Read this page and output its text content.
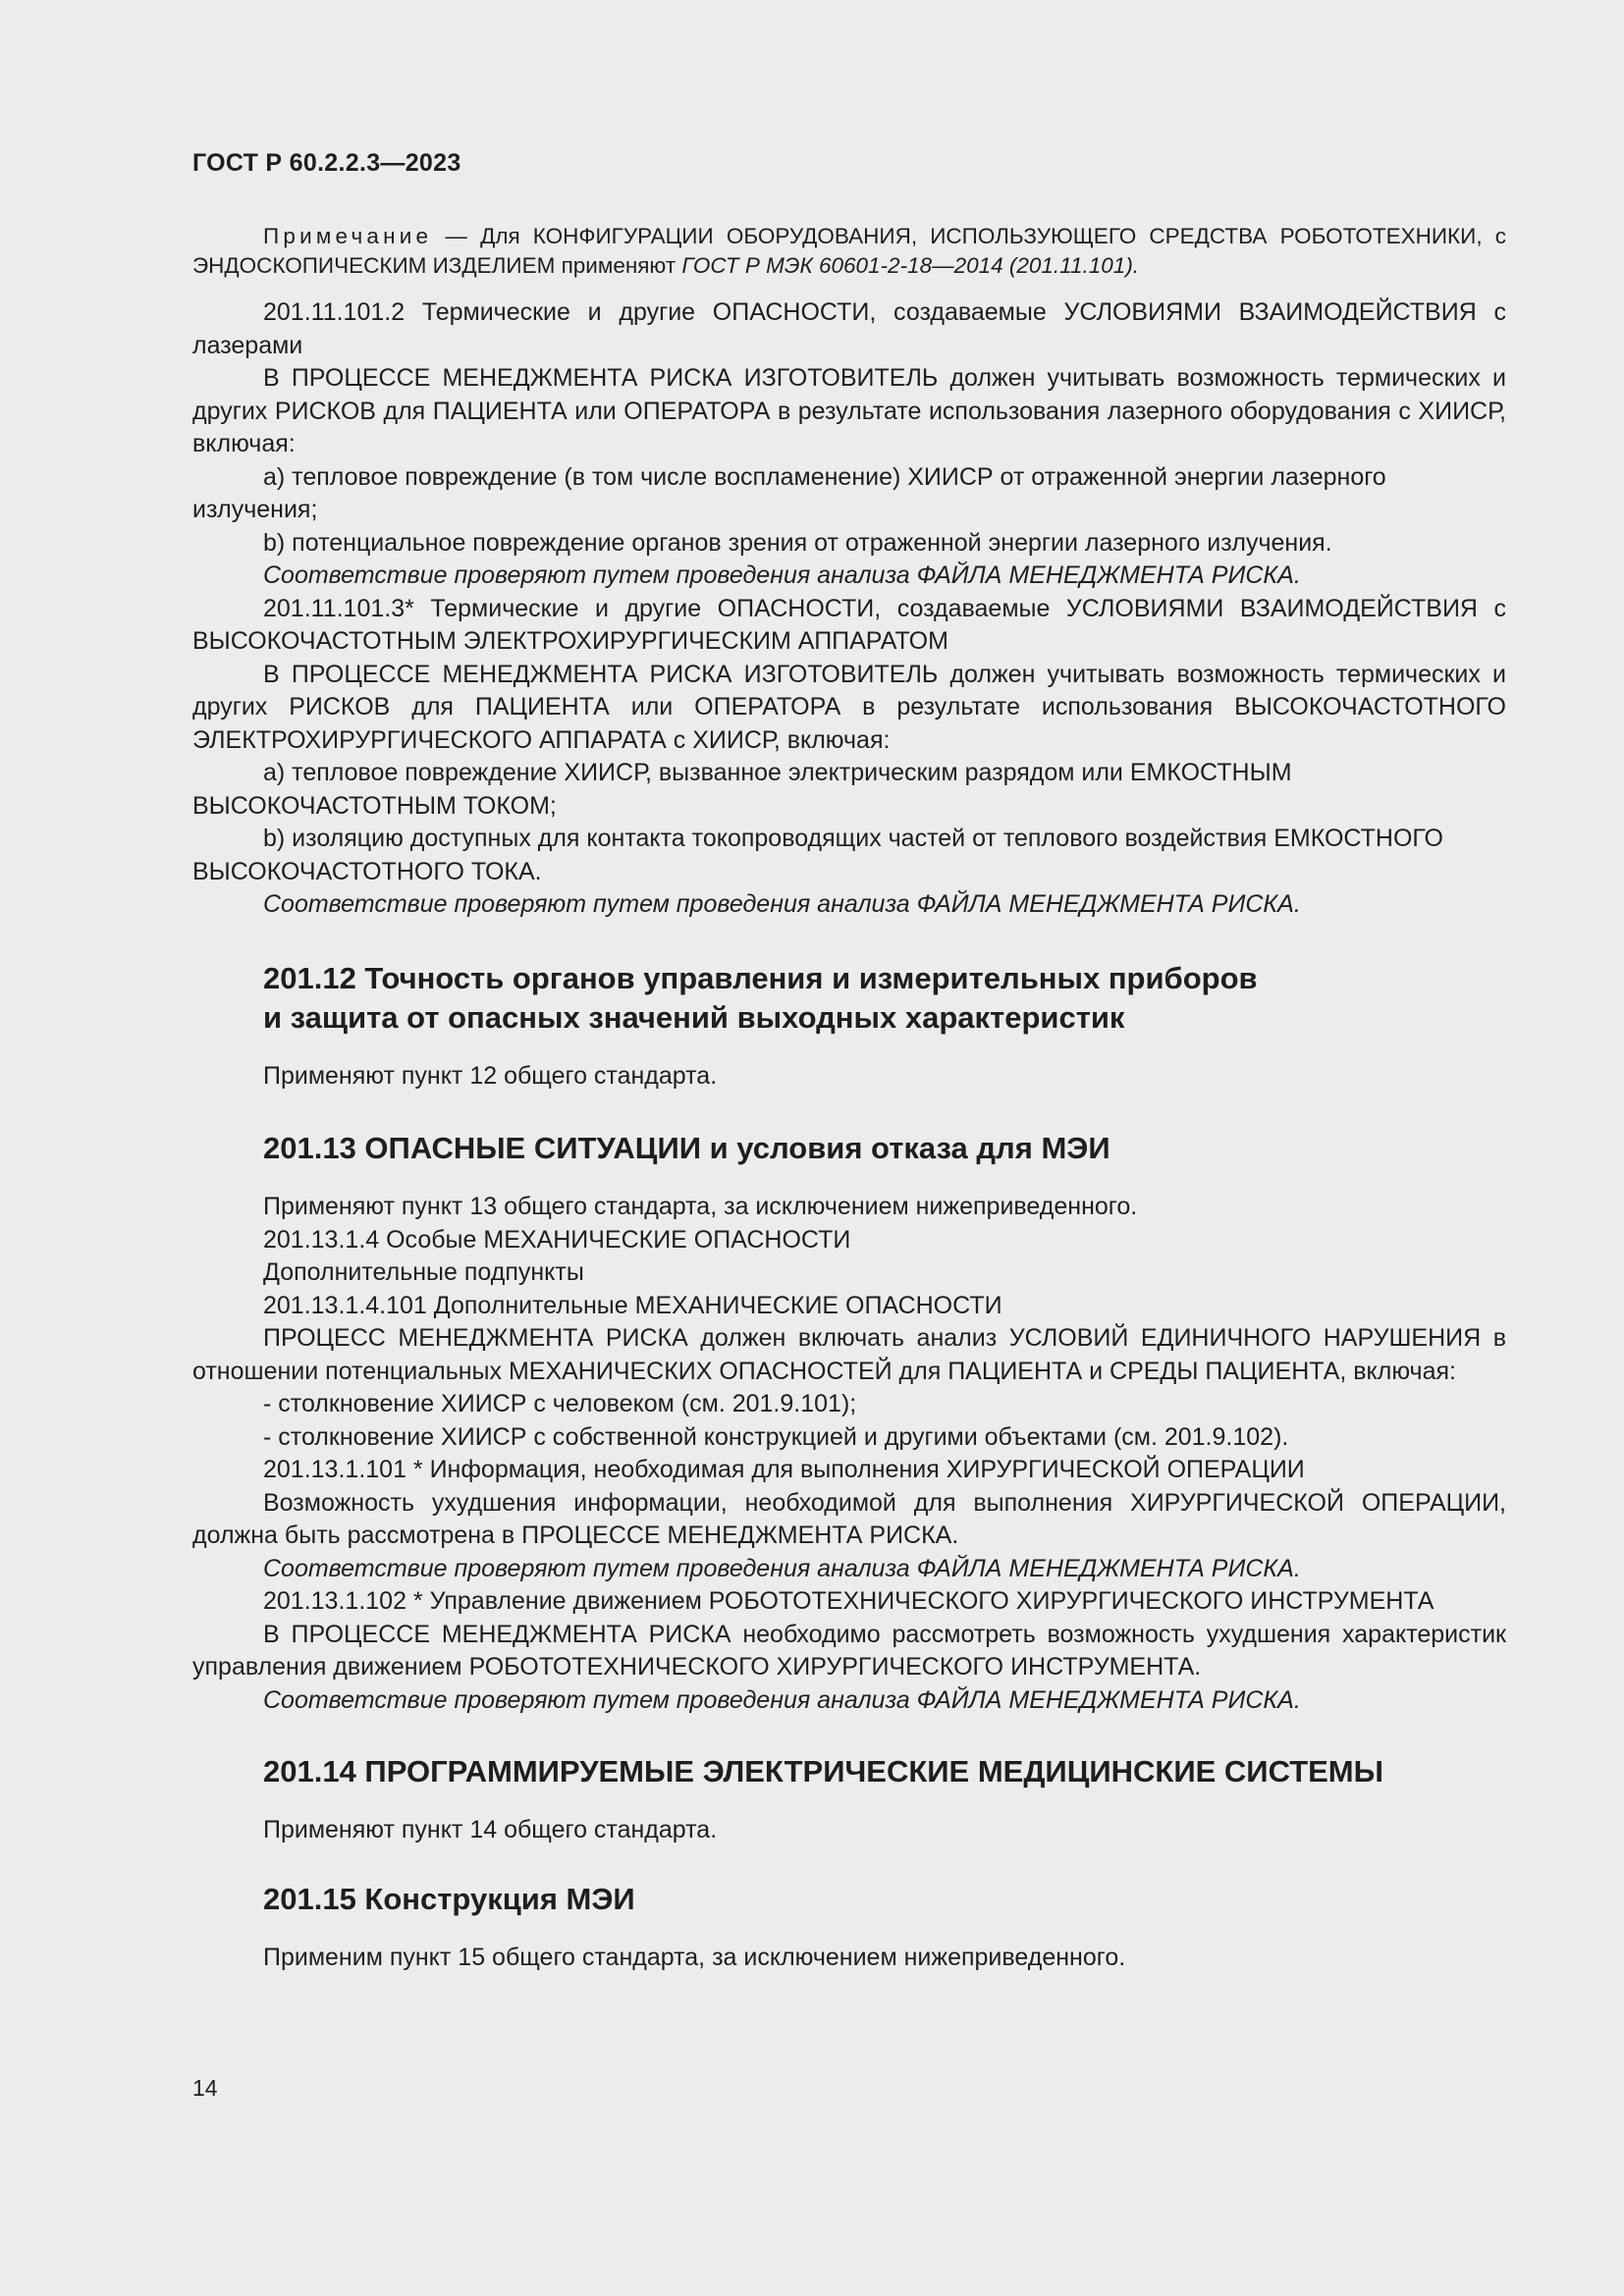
ГОСТ Р 60.2.2.3—2023

Примечание — Для КОНФИГУРАЦИИ ОБОРУДОВАНИЯ, ИСПОЛЬЗУЮЩЕГО СРЕДСТВА РОБОТОТЕХНИКИ, с ЭНДОСКОПИЧЕСКИМ ИЗДЕЛИЕМ применяют ГОСТ Р МЭК 60601-2-18—2014 (201.11.101).

201.11.101.2 Термические и другие ОПАСНОСТИ, создаваемые УСЛОВИЯМИ ВЗАИМОДЕЙСТВИЯ с лазерами

В ПРОЦЕССЕ МЕНЕДЖМЕНТА РИСКА ИЗГОТОВИТЕЛЬ должен учитывать возможность термических и других РИСКОВ для ПАЦИЕНТА или ОПЕРАТОРА в результате использования лазерного оборудования с ХИИСР, включая:

a) тепловое повреждение (в том числе воспламенение) ХИИСР от отраженной энергии лазерного излучения;

b) потенциальное повреждение органов зрения от отраженной энергии лазерного излучения.

Соответствие проверяют путем проведения анализа ФАЙЛА МЕНЕДЖМЕНТА РИСКА.

201.11.101.3* Термические и другие ОПАСНОСТИ, создаваемые УСЛОВИЯМИ ВЗАИМОДЕЙСТВИЯ с ВЫСОКОЧАСТОТНЫМ ЭЛЕКТРОХИРУРГИЧЕСКИМ АППАРАТОМ

В ПРОЦЕССЕ МЕНЕДЖМЕНТА РИСКА ИЗГОТОВИТЕЛЬ должен учитывать возможность термических и других РИСКОВ для ПАЦИЕНТА или ОПЕРАТОРА в результате использования ВЫСОКОЧАСТОТНОГО ЭЛЕКТРОХИРУРГИЧЕСКОГО АППАРАТА с ХИИСР, включая:

a) тепловое повреждение ХИИСР, вызванное электрическим разрядом или ЕМКОСТНЫМ ВЫСОКОЧАСТОТНЫМ ТОКОМ;

b) изоляцию доступных для контакта токопроводящих частей от теплового воздействия ЕМКОСТНОГО ВЫСОКОЧАСТОТНОГО ТОКА.

Соответствие проверяют путем проведения анализа ФАЙЛА МЕНЕДЖМЕНТА РИСКА.

201.12 Точность органов управления и измерительных приборов
и защита от опасных значений выходных характеристик

Применяют пункт 12 общего стандарта.

201.13 ОПАСНЫЕ СИТУАЦИИ и условия отказа для МЭИ

Применяют пункт 13 общего стандарта, за исключением нижеприведенного.

201.13.1.4 Особые МЕХАНИЧЕСКИЕ ОПАСНОСТИ

Дополнительные подпункты

201.13.1.4.101 Дополнительные МЕХАНИЧЕСКИЕ ОПАСНОСТИ

ПРОЦЕСС МЕНЕДЖМЕНТА РИСКА должен включать анализ УСЛОВИЙ ЕДИНИЧНОГО НАРУШЕНИЯ в отношении потенциальных МЕХАНИЧЕСКИХ ОПАСНОСТЕЙ для ПАЦИЕНТА и СРЕДЫ ПАЦИЕНТА, включая:

- столкновение ХИИСР с человеком (см. 201.9.101);

- столкновение ХИИСР с собственной конструкцией и другими объектами (см. 201.9.102).

201.13.1.101 * Информация, необходимая для выполнения ХИРУРГИЧЕСКОЙ ОПЕРАЦИИ

Возможность ухудшения информации, необходимой для выполнения ХИРУРГИЧЕСКОЙ ОПЕРАЦИИ, должна быть рассмотрена в ПРОЦЕССЕ МЕНЕДЖМЕНТА РИСКА.

Соответствие проверяют путем проведения анализа ФАЙЛА МЕНЕДЖМЕНТА РИСКА.

201.13.1.102 * Управление движением РОБОТОТЕХНИЧЕСКОГО ХИРУРГИЧЕСКОГО ИНСТРУМЕНТА

В ПРОЦЕССЕ МЕНЕДЖМЕНТА РИСКА необходимо рассмотреть возможность ухудшения характеристик управления движением РОБОТОТЕХНИЧЕСКОГО ХИРУРГИЧЕСКОГО ИНСТРУМЕНТА.

Соответствие проверяют путем проведения анализа ФАЙЛА МЕНЕДЖМЕНТА РИСКА.

201.14 ПРОГРАММИРУЕМЫЕ ЭЛЕКТРИЧЕСКИЕ МЕДИЦИНСКИЕ СИСТЕМЫ

Применяют пункт 14 общего стандарта.

201.15 Конструкция МЭИ

Применим пункт 15 общего стандарта, за исключением нижеприведенного.

14
